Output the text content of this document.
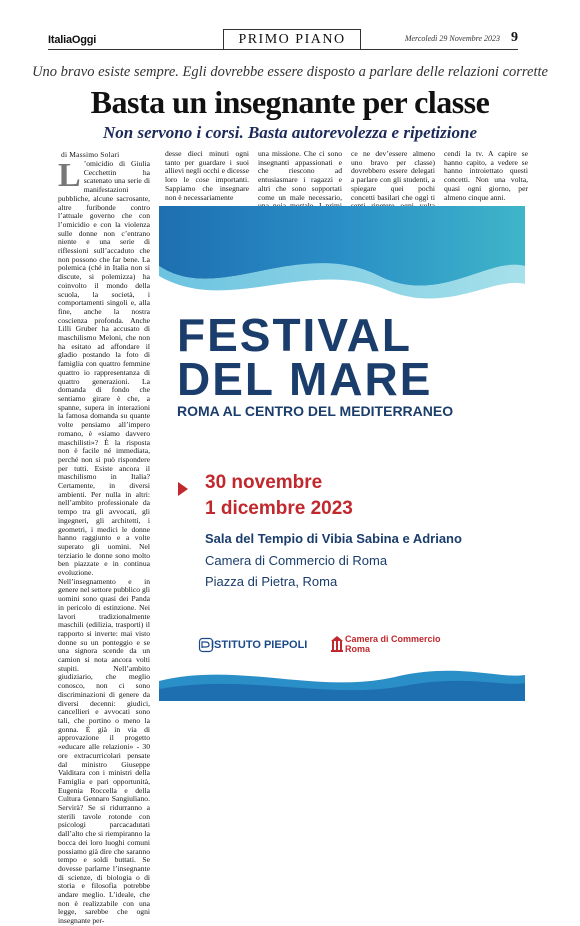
ItaliaOggi	PRIMO PIANO	Mercoledì 29 Novembre 2023 9
Uno bravo esiste sempre. Egli dovrebbe essere disposto a parlare delle relazioni corrette
Basta un insegnante per classe
Non servono i corsi. Basta autorevolezza e ripetizione
di Massimo Solari
L ’omicidio di Giulia Cecchettin ha scatenato una serie di manifestazioni pubbliche, alcune sacrosante, altre furibonde contro l’attuale governo che con l’omicidio e con la violenza sulle donne non c’entrano niente e una serie di riflessioni sull’accaduto che non possono che far bene. La polemica (ché in Italia non si discute, si polemizza) ha coinvolto il mondo della scuola, la società, i comportamenti singoli e, alla fine, anche la nostra coscienza profonda. Anche Lilli Gruber ha accusato di maschilismo Meloni, che non ha esitato ad affondare il gladio postando la foto di famiglia con quattro femmine quattro io rappresentanza di quattro generazioni. La domanda di fondo che sentiamo girare è che, a spanne, supera in interazioni la famosa domanda su quante volte pensiamo all’impero romano, è «siamo davvero maschilisti»? È la risposta non è facile né immediata, perché non si può rispondere per tutti. Esiste ancora il maschilismo in Italia? Certamente, in diversi ambienti. Per nulla in altri: nell’ambito professionale da tempo tra gli avvocati, gli ingegneri, gli architetti, i geometri, i medici le donne hanno raggiunto e a volte superato gli uomini. Nel terziario le donne sono molto ben piazzate e in continua evoluzione. Nell’insegnamento e in genere nel settore pubblico gli uomini sono quasi dei Panda in pericolo di estinzione. Nei lavori tradizionalmente maschili (edilizia, trasporti) il rapporto si inverte: mai visto donne su un ponteggio e se una signora scende da un camion si nota ancora volti stupiti. Nell’ambito giudiziario, che meglio conosco, non ci sono discriminazioni di genere da diversi decenni: giudici, cancellieri e avvocati sono tali, che portino o meno la gonna. È già in via di approvazione il progetto «educare alle relazioni» - 30 ore extracurricolari pensate dal ministro Giuseppe Valditara con i ministri della Famiglia e pari opportunità, Eugenia Roccella e della Cultura Gennaro Sangiuliano. Servirà? Se si ridurranno a sterili tavole rotonde con psicologi parcacadutati dall’alto che si riempiranno la bocca dei loro luoghi comuni possiamo già dire che saranno tempo e soldi buttati. Se dovesse parlarne l’insegnante di scienze, di biologia o di storia e filosofia potrebbe andare meglio. L’ideale, che non è realizzabile con una legge, sarebbe che ogni insegnante per-
desse dieci minuti ogni tanto per guardare i suoi allievi negli occhi e dicesse loro le cose importanti. Sappiamo che insegnare non è necessariamente
una missione. Che ci sono insegnanti appassionati e che riescono ad entusiasmare i ragazzi e altri che sono sopportati come un male necessario,
ce ne dev’essere almeno uno bravo per classe) dovrebbero essere delegati a parlare con gli studenti, a spiegare quei pochi concetti basilari che oggi ti
cendi la tv. A capire se hanno capito, a vedere se hanno introiettato questi concetti. Non una volta, quasi ogni giorno, per almeno cinque anni.
FESTIVAL
DEL MARE
ROMA AL CENTRO DEL MEDITERRANEO
30 novembre
1 dicembre 2023
Sala del Tempio di Vibia Sabina e Adriano
Camera di Commercio di Roma
Piazza di Pietra, Roma
ISTITUTO PIEPOLI	Camera di Commercio
Roma
